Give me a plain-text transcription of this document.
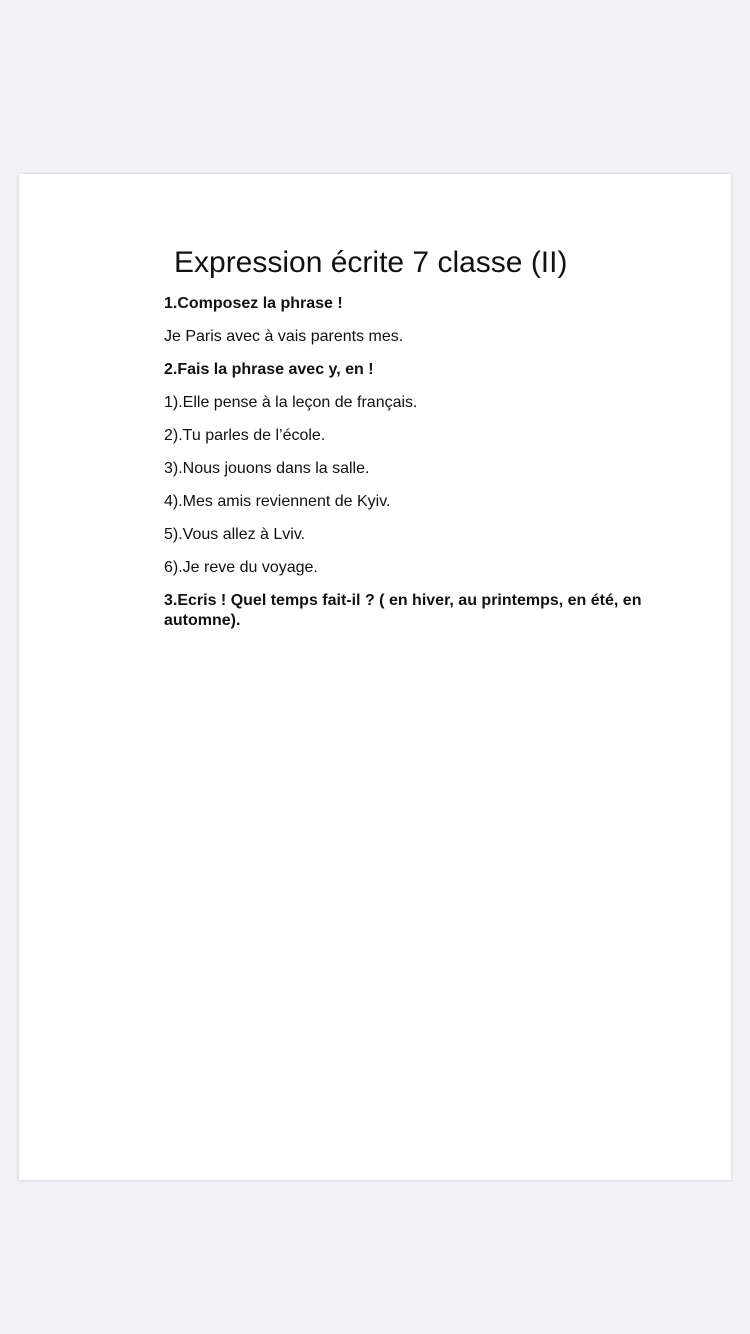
Expression écrite 7 classe (II)

1.Composez la phrase !

Je Paris avec à vais parents mes.

2.Fais la phrase avec y, en !

1).Elle pense à la leçon de français.

2).Tu parles de l’école.

3).Nous jouons dans la salle.

4).Mes amis reviennent de Kyiv.

5).Vous allez à Lviv.

6).Je reve du voyage.

3.Ecris ! Quel temps fait-il ? ( en hiver, au printemps, en été, en automne).
